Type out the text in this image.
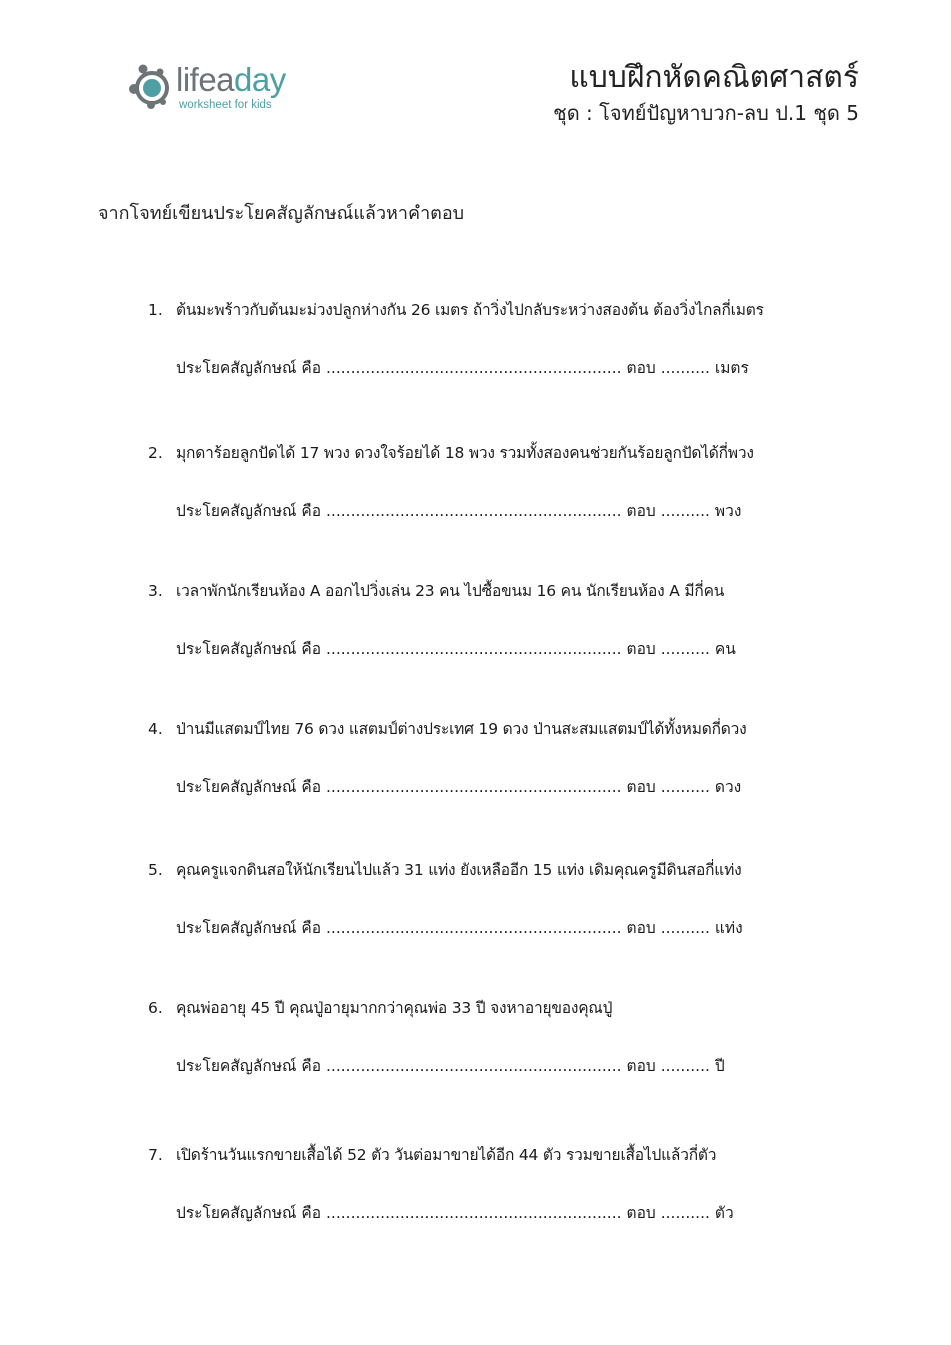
lifeaday
worksheet for kids
แบบฝึกหัดคณิตศาสตร์
ชุด : โจทย์ปัญหาบวก-ลบ ป.1 ชุด 5
จากโจทย์เขียนประโยคสัญลักษณ์แล้วหาคำตอบ
1. ต้นมะพร้าวกับต้นมะม่วงปลูกห่างกัน 26 เมตร ถ้าวิ่งไปกลับระหว่างสองต้น ต้องวิ่งไกลกี่เมตร
ประโยคสัญลักษณ์ คือ ............................................................ ตอบ .......... เมตร
2. มุกดาร้อยลูกปัดได้ 17 พวง ดวงใจร้อยได้ 18 พวง รวมทั้งสองคนช่วยกันร้อยลูกปัดได้กี่พวง
ประโยคสัญลักษณ์ คือ ............................................................ ตอบ .......... พวง
3. เวลาพักนักเรียนห้อง A ออกไปวิ่งเล่น 23 คน ไปซื้อขนม 16 คน นักเรียนห้อง A มีกี่คน
ประโยคสัญลักษณ์ คือ ............................................................ ตอบ .......... คน
4. ป่านมีแสตมป์ไทย 76 ดวง แสตมป์ต่างประเทศ 19 ดวง ป่านสะสมแสตมป์ได้ทั้งหมดกี่ดวง
ประโยคสัญลักษณ์ คือ ............................................................ ตอบ .......... ดวง
5. คุณครูแจกดินสอให้นักเรียนไปแล้ว 31 แท่ง ยังเหลืออีก 15 แท่ง เดิมคุณครูมีดินสอกี่แท่ง
ประโยคสัญลักษณ์ คือ ............................................................ ตอบ .......... แท่ง
6. คุณพ่ออายุ 45 ปี คุณปู่อายุมากกว่าคุณพ่อ 33 ปี จงหาอายุของคุณปู่
ประโยคสัญลักษณ์ คือ ............................................................ ตอบ .......... ปี
7. เปิดร้านวันแรกขายเสื้อได้ 52 ตัว วันต่อมาขายได้อีก 44 ตัว รวมขายเสื้อไปแล้วกี่ตัว
ประโยคสัญลักษณ์ คือ ............................................................ ตอบ .......... ตัว
